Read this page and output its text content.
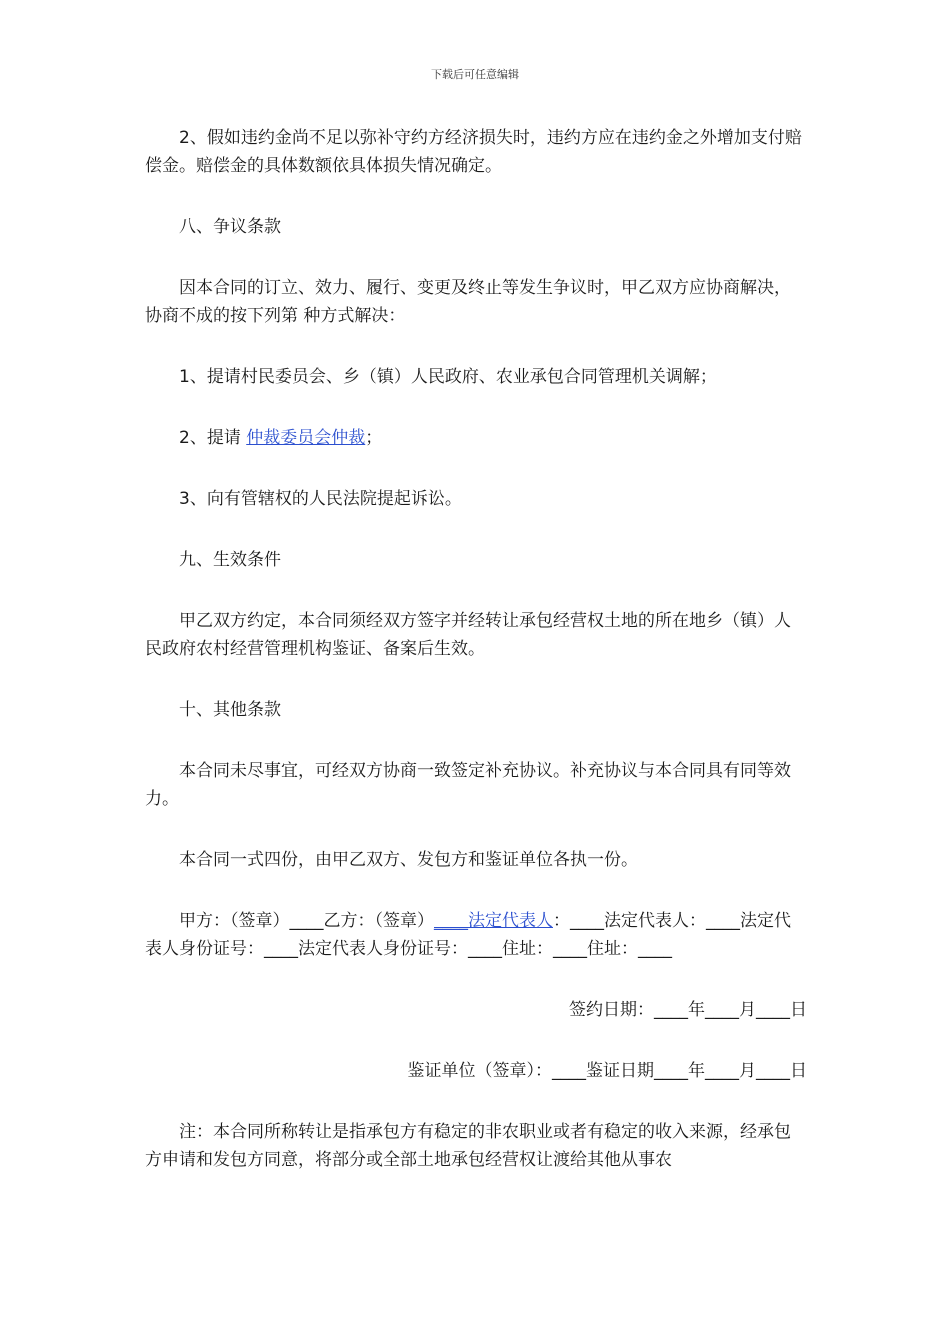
下载后可任意编辑

2、假如违约金尚不足以弥补守约方经济损失时，违约方应在违约金之外增加支付赔偿金。赔偿金的具体数额依具体损失情况确定。

八、争议条款

因本合同的订立、效力、履行、变更及终止等发生争议时，甲乙双方应协商解决，协商不成的按下列第 种方式解决：

1、提请村民委员会、乡（镇）人民政府、农业承包合同管理机关调解；

2、提请 仲裁委员会仲裁；

3、向有管辖权的人民法院提起诉讼。

九、生效条件

甲乙双方约定，本合同须经双方签字并经转让承包经营权土地的所在地乡（镇）人民政府农村经营管理机构鉴证、备案后生效。

十、其他条款

本合同未尽事宜，可经双方协商一致签定补充协议。补充协议与本合同具有同等效力。

本合同一式四份，由甲乙双方、发包方和鉴证单位各执一份。

甲方：（签章）____乙方：（签章）____法定代表人：____法定代表人：____法定代表人身份证号：____法定代表人身份证号：____住址：____住址：____

签约日期：____年____月____日

鉴证单位（签章）：____鉴证日期____年____月____日

注：本合同所称转让是指承包方有稳定的非农职业或者有稳定的收入来源，经承包方申请和发包方同意，将部分或全部土地承包经营权让渡给其他从事农
